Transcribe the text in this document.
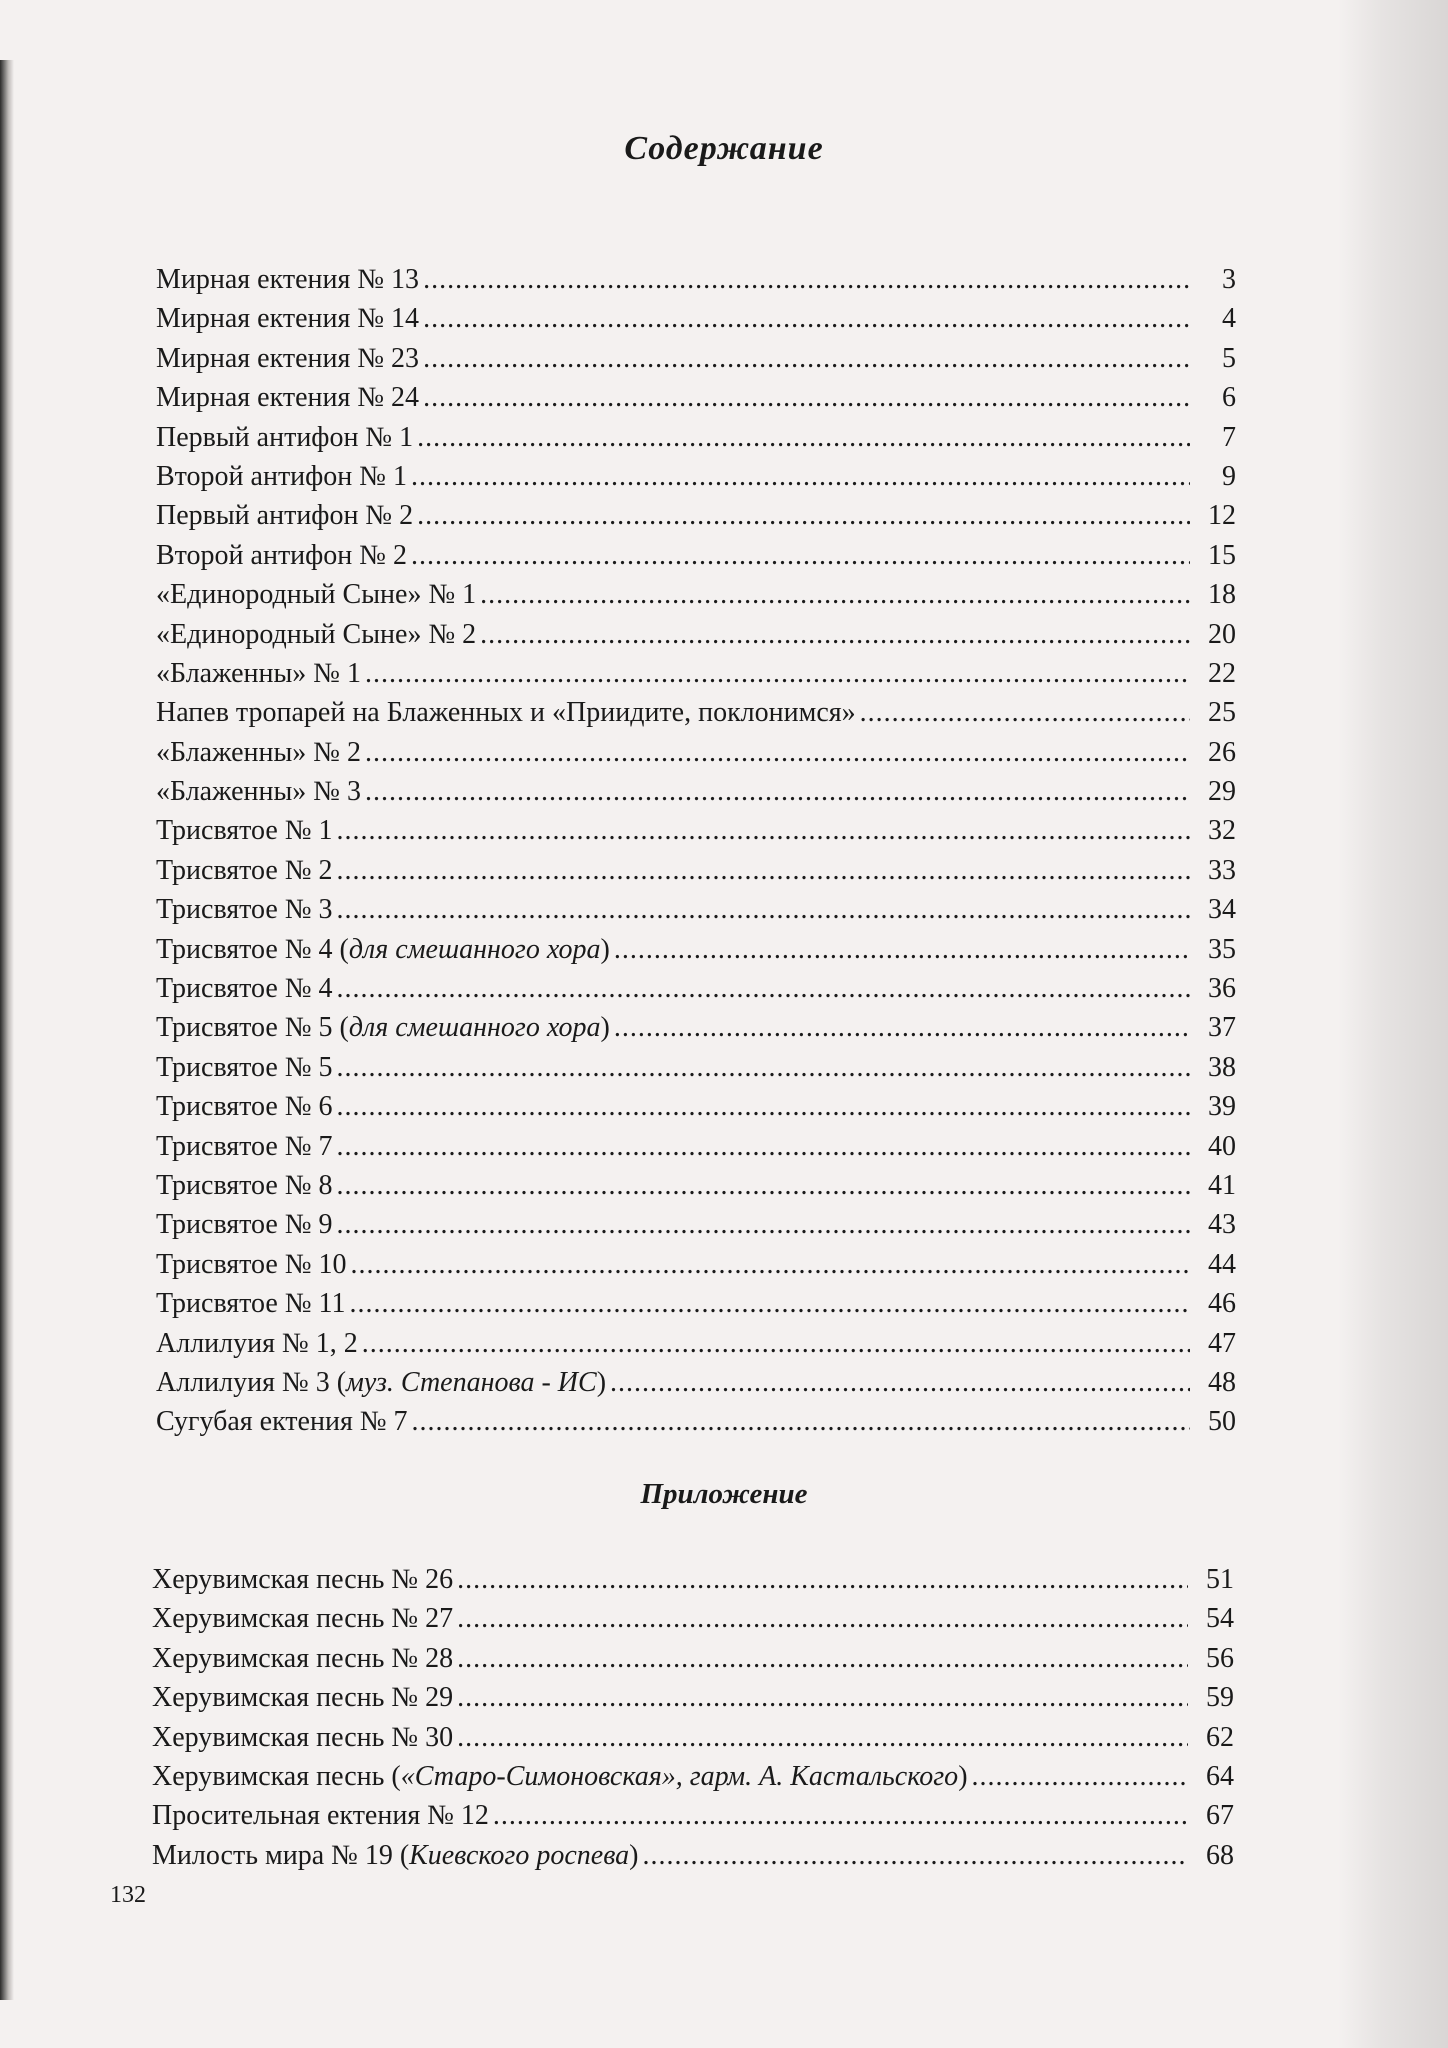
Содержание
Мирная ектения № 13 .....	3
Мирная ектения № 14 .....	4
Мирная ектения № 23 .....	5
Мирная ектения № 24 .....	6
Первый антифон № 1 .....	7
Второй антифон № 1 .....	9
Первый антифон № 2 .....	12
Второй антифон № 2 .....	15
«Единородный Сыне» № 1 .....	18
«Единородный Сыне» № 2 .....	20
«Блаженны» № 1 .....	22
Напев тропарей на Блаженных и «Приидите, поклонимся» .....	25
«Блаженны» № 2 .....	26
«Блаженны» № 3 .....	29
Трисвятое № 1 .....	32
Трисвятое № 2 .....	33
Трисвятое № 3 .....	34
Трисвятое № 4 (для смешанного хора) .....	35
Трисвятое № 4 .....	36
Трисвятое № 5 (для смешанного хора) .....	37
Трисвятое № 5 .....	38
Трисвятое № 6 .....	39
Трисвятое № 7 .....	40
Трисвятое № 8 .....	41
Трисвятое № 9 .....	43
Трисвятое № 10 .....	44
Трисвятое № 11 .....	46
Аллилуия № 1, 2 .....	47
Аллилуия № 3 (муз. Степанова - ИС) .....	48
Сугубая ектения № 7 .....	50
Приложение
Херувимская песнь № 26 .....	51
Херувимская песнь № 27 .....	54
Херувимская песнь № 28 .....	56
Херувимская песнь № 29 .....	59
Херувимская песнь № 30 .....	62
Херувимская песнь («Старо-Симоновская», гарм. А. Кастальского) .....	64
Просительная ектения № 12 .....	67
Милость мира № 19 (Киевского роспева) .....	68
132
